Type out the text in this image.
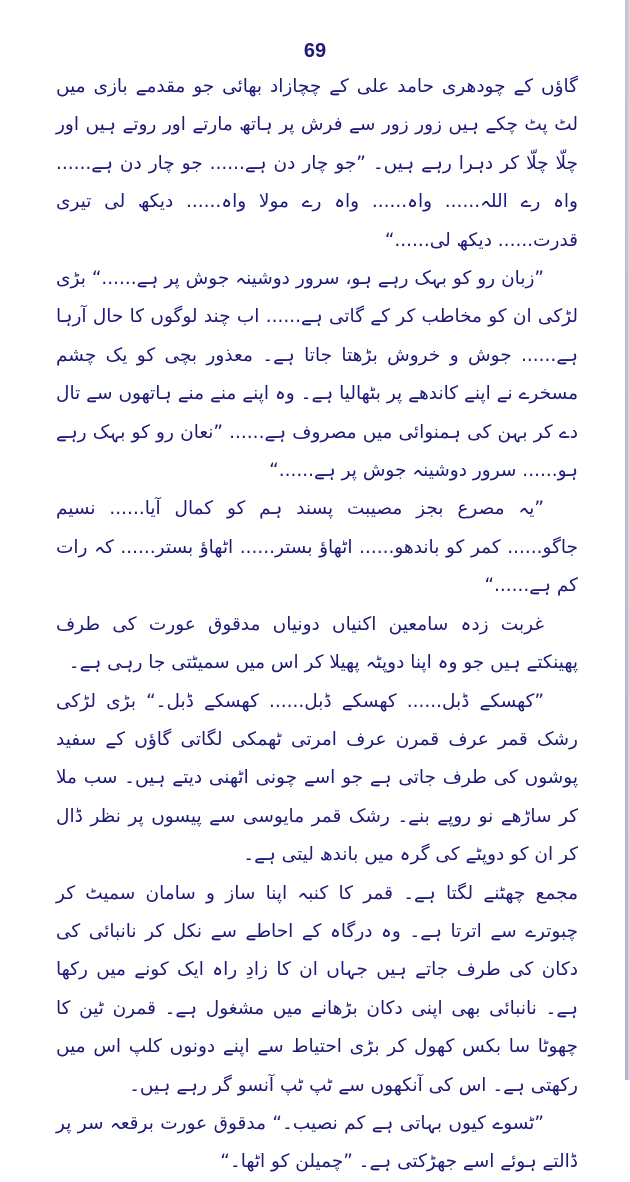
69

گاؤں کے چودھری حامد علی کے چچازاد بھائی جو مقدمے بازی میں لٹ پٹ چکے ہیں زور زور سے فرش پر ہاتھ مارتے اور روتے ہیں اور چلّا چلّا کر دہرا رہے ہیں۔ ”جو چار دن ہے...... جو چار دن ہے...... واہ رے اللہ...... واہ...... واہ رے مولا واہ...... دیکھ لی تیری قدرت...... دیکھ لی......“

”زبان رو کو بہک رہے ہو، سرور دوشینہ جوش پر ہے......“ بڑی لڑکی ان کو مخاطب کر کے گاتی ہے...... اب چند لوگوں کا حال آرہا ہے...... جوش و خروش بڑھتا جاتا ہے۔ معذور بچی کو یک چشم مسخرے نے اپنے کاندھے پر بٹھالیا ہے۔ وہ اپنے منے منے ہاتھوں سے تال دے کر بہن کی ہمنوائی میں مصروف ہے...... ”نعان رو کو بہک رہے ہو...... سرور دوشینہ جوش پر ہے......“

”یہ مصرع بجز مصیبت پسند ہم کو کمال آیا...... نسیم جاگو...... کمر کو باندھو...... اٹھاؤ بستر...... اٹھاؤ بستر...... کہ رات کم ہے......“

غربت زدہ سامعین اکنیاں دونیاں مدقوق عورت کی طرف پھینکتے ہیں جو وہ اپنا دوپٹہ پھیلا کر اس میں سمیٹتی جا رہی ہے۔

”کھسکے ڈبل...... کھسکے ڈبل...... کھسکے ڈبل۔“ بڑی لڑکی رشک قمر عرف قمرن عرف امرتی ٹھمکی لگاتی گاؤں کے سفید پوشوں کی طرف جاتی ہے جو اسے چونی اٹھنی دیتے ہیں۔ سب ملا کر ساڑھے نو روپے بنے۔ رشک قمر مایوسی سے پیسوں پر نظر ڈال کر ان کو دوپٹے کی گرہ میں باندھ لیتی ہے۔

مجمع چھٹنے لگتا ہے۔ قمر کا کنبہ اپنا ساز و سامان سمیٹ کر چبوترے سے اترتا ہے۔ وہ درگاہ کے احاطے سے نکل کر نانبائی کی دکان کی طرف جاتے ہیں جہاں ان کا زادِ راہ ایک کونے میں رکھا ہے۔ نانبائی بھی اپنی دکان بڑھانے میں مشغول ہے۔ قمرن ٹین کا چھوٹا سا بکس کھول کر بڑی احتیاط سے اپنے دونوں کلپ اس میں رکھتی ہے۔ اس کی آنکھوں سے ٹپ ٹپ آنسو گر رہے ہیں۔

”ٹسوے کیوں بہاتی ہے کم نصیب۔“ مدقوق عورت برقعہ سر پر ڈالتے ہوئے اسے جھڑکتی ہے۔ ”چمیلن کو اٹھا۔“
